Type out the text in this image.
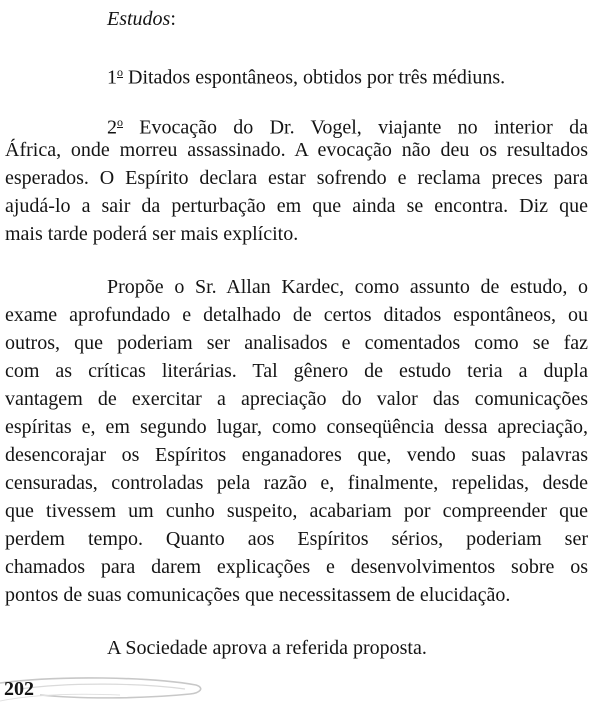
Estudos:
1$^o$ Ditados espontâneos, obtidos por três médiuns.
2$^o$ Evocação do Dr. Vogel, viajante no interior da
África, onde morreu assassinado. A evocação não deu os resultados
esperados. O Espírito declara estar sofrendo e reclama preces para
ajudá-lo a sair da perturbação em que ainda se encontra. Diz que
mais tarde poderá ser mais explícito.
Propõe o Sr. Allan Kardec, como assunto de estudo, o
exame aprofundado e detalhado de certos ditados espontâneos, ou
outros, que poderiam ser analisados e comentados como se faz
com as críticas literárias. Tal gênero de estudo teria a dupla
vantagem de exercitar a apreciação do valor das comunicações
espíritas e, em segundo lugar, como conseqüência dessa apreciação,
desencorajar os Espíritos enganadores que, vendo suas palavras
censuradas, controladas pela razão e, finalmente, repelidas, desde
que tivessem um cunho suspeito, acabariam por compreender que
perdem tempo. Quanto aos Espíritos sérios, poderiam ser
chamados para darem explicações e desenvolvimentos sobre os
pontos de suas comunicações que necessitassem de elucidação.
A Sociedade aprova a referida proposta.
202
